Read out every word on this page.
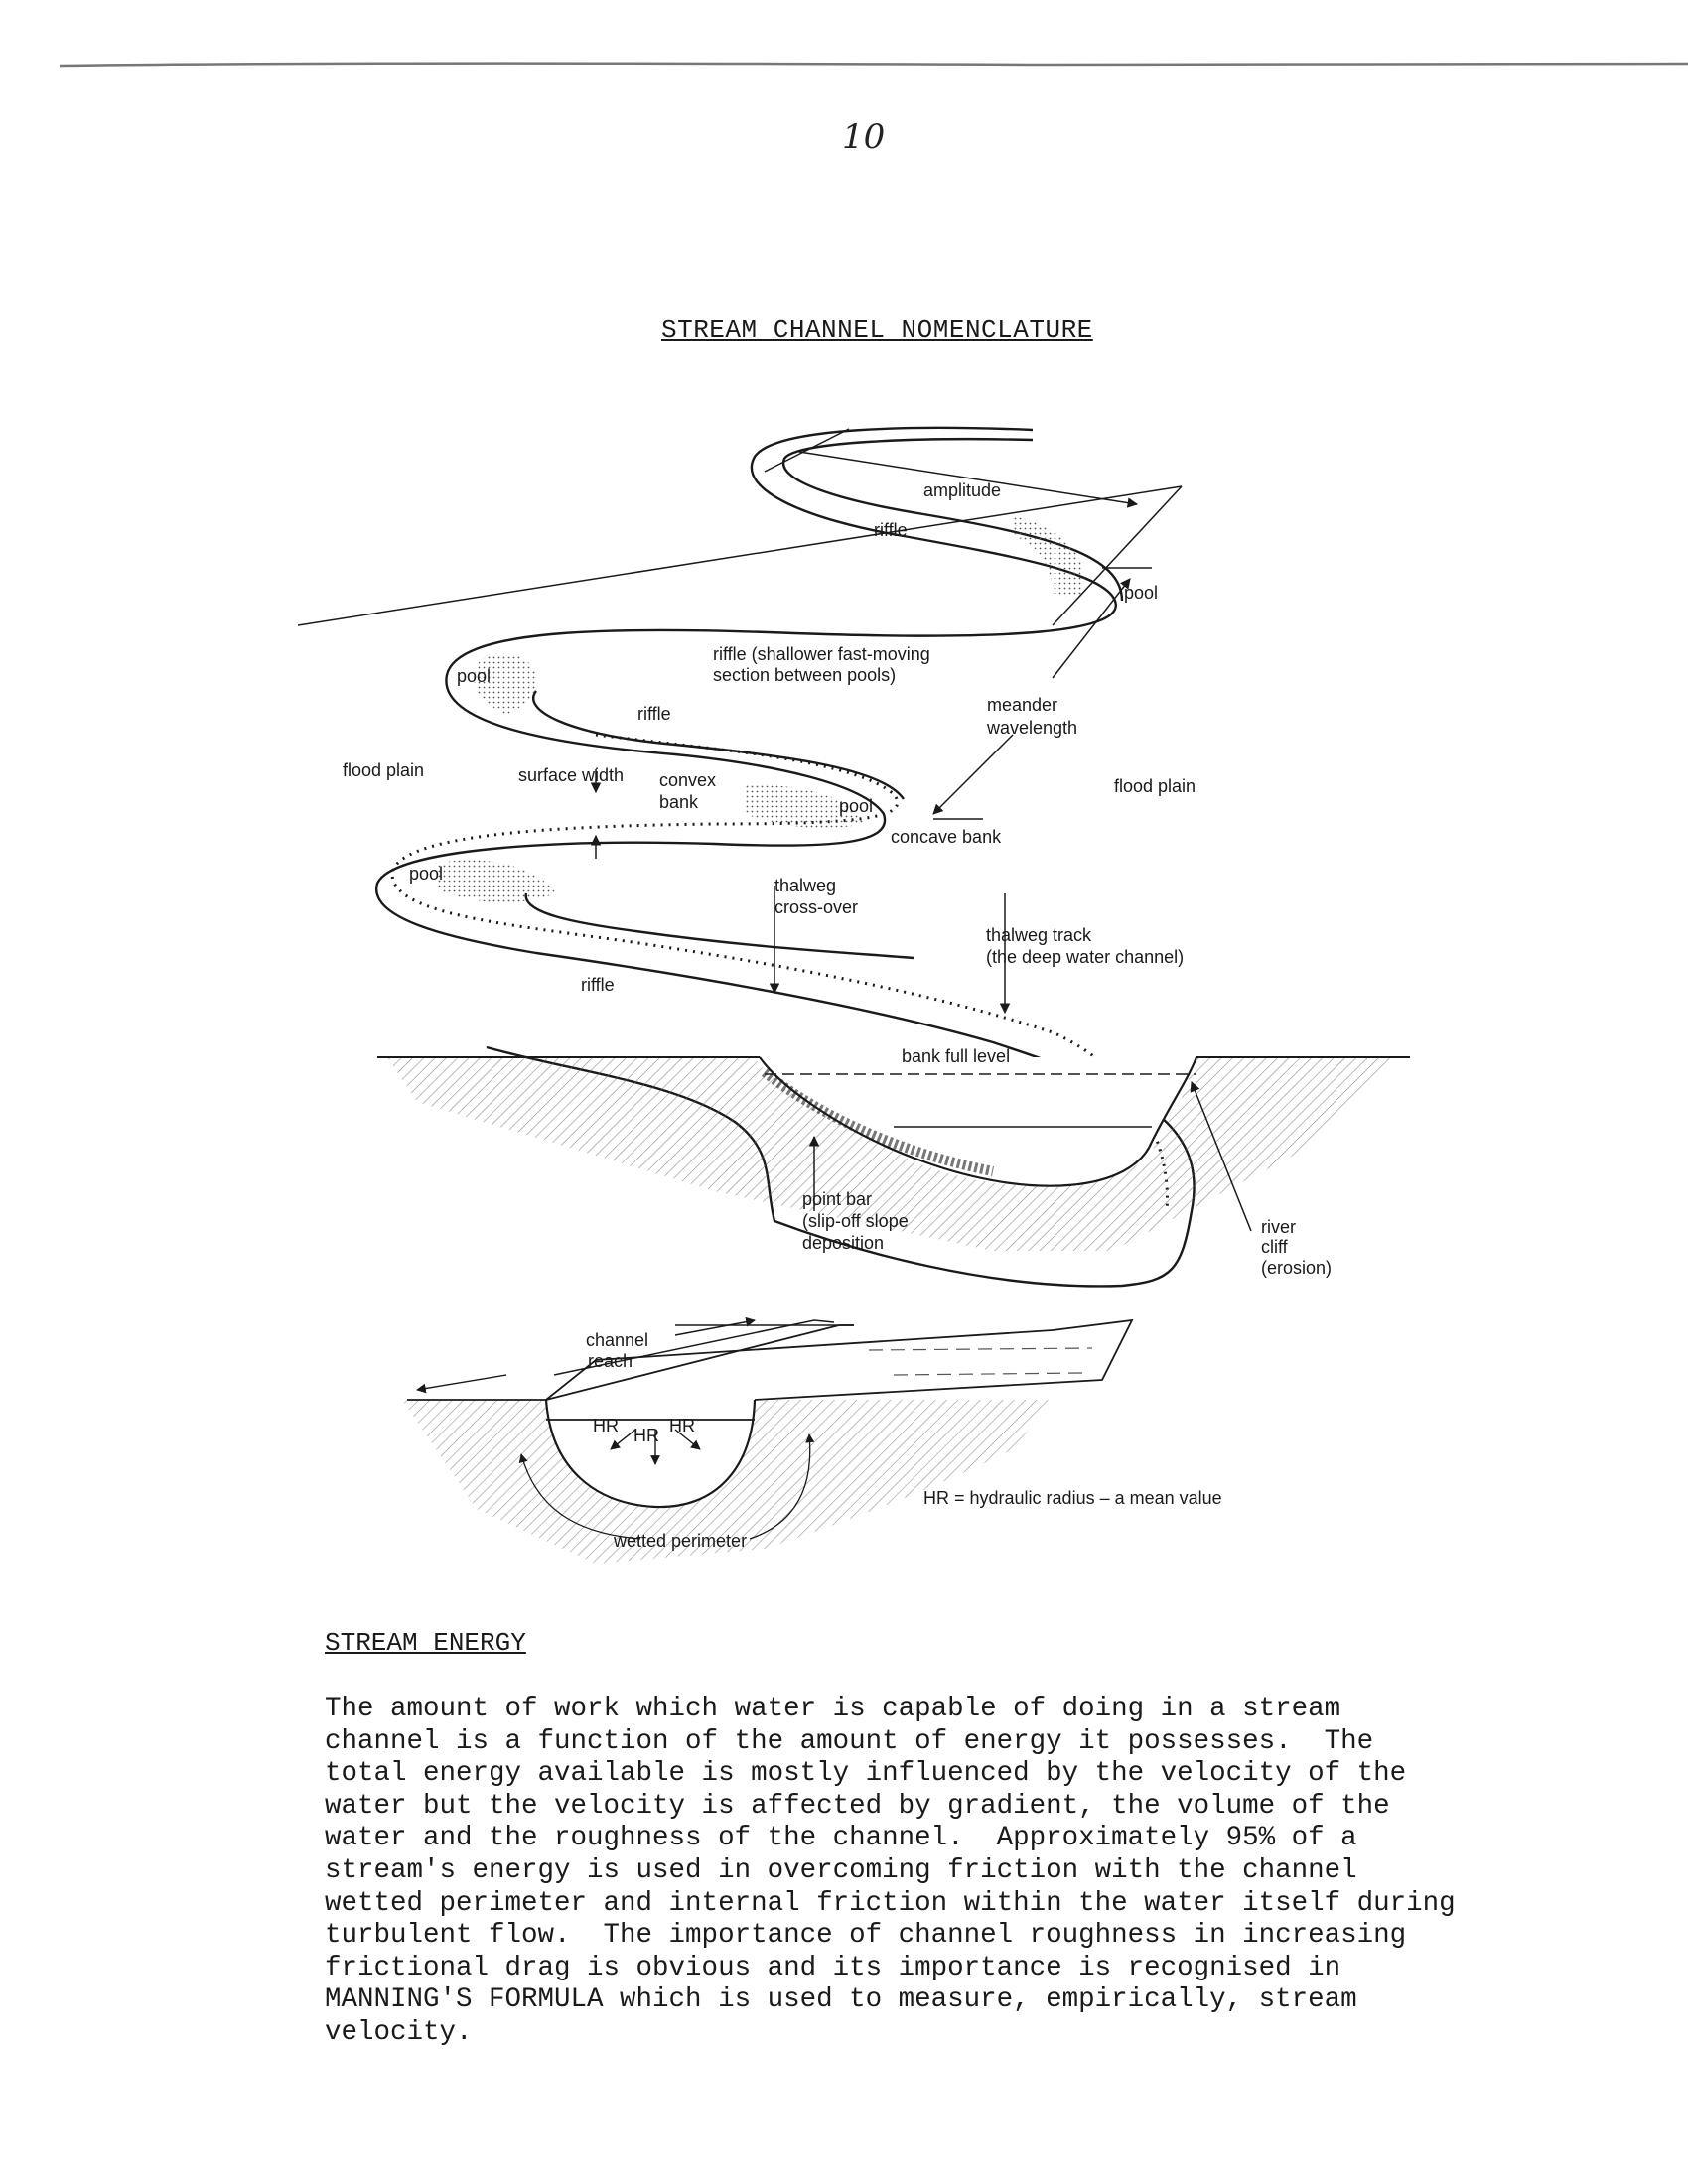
10
STREAM CHANNEL NOMENCLATURE
amplitude
riffle
pool
pool
riffle (shallower fast-moving
section between pools)
riffle	meander
wavelength
flood plain	surface width convex
bank	pool
flood plain
concave bank
pool
thalweg
cross-over
thalweg track
(the deep water channel)
riffle
bank full level
point bar
(slip-off slope
deposition
river
cliff
(erosion)
channel
reach
HR HR HR
wetted perimeter
HR = hydraulic radius – a mean value
STREAM ENERGY
The amount of work which water is capable of doing in a stream
channel is a function of the amount of energy it possesses.  The
total energy available is mostly influenced by the velocity of the
water but the velocity is affected by gradient, the volume of the
water and the roughness of the channel.  Approximately 95% of a
stream's energy is used in overcoming friction with the channel
wetted perimeter and internal friction within the water itself during
turbulent flow.  The importance of channel roughness in increasing
frictional drag is obvious and its importance is recognised in
MANNING'S FORMULA which is used to measure, empirically, stream
velocity.
